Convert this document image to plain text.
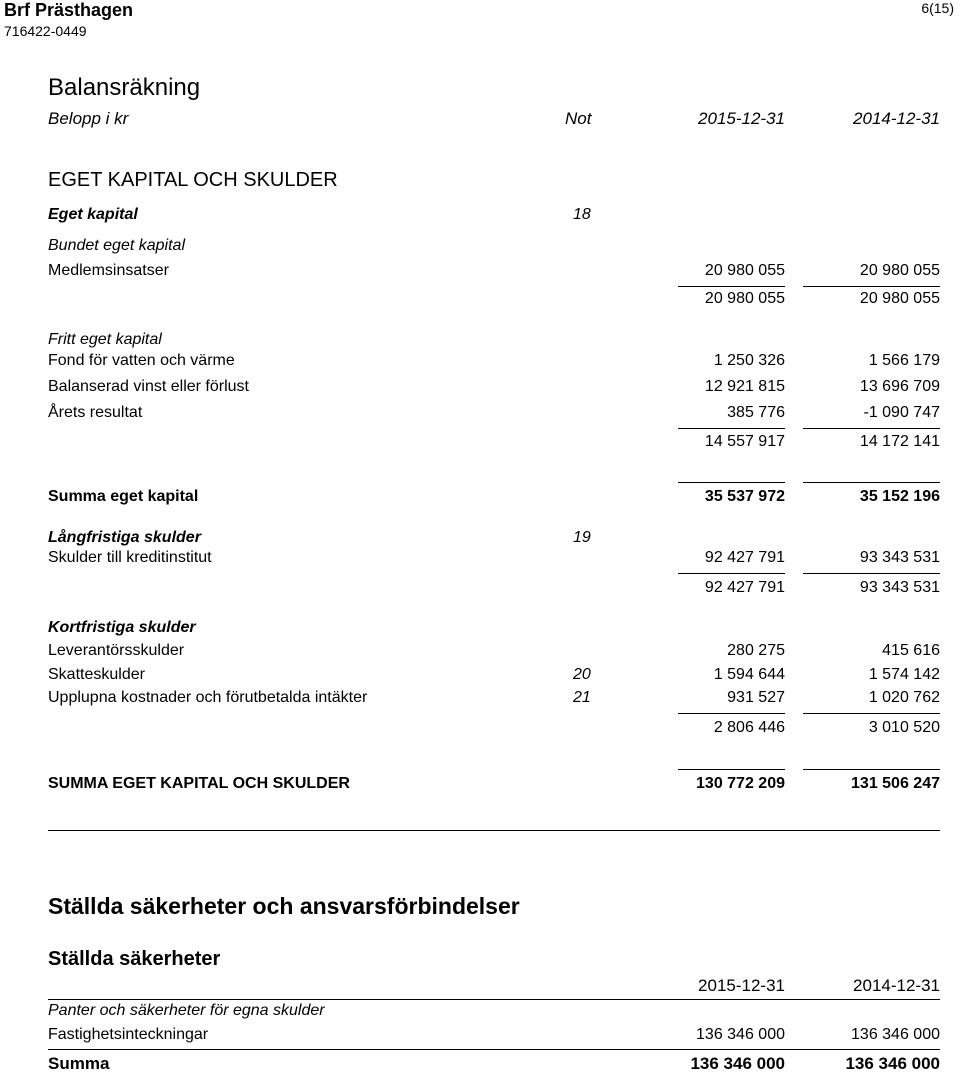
Brf Prästhagen
716422-0449
6(15)
Balansräkning
Belopp i kr	Not	2015-12-31	2014-12-31
EGET KAPITAL OCH SKULDER
Eget kapital	18
Bundet eget kapital
Medlemsinsatser	20 980 055	20 980 055
20 980 055	20 980 055
Fritt eget kapital
Fond för vatten och värme	1 250 326	1 566 179
Balanserad vinst eller förlust	12 921 815	13 696 709
Årets resultat	385 776	-1 090 747
14 557 917	14 172 141
Summa eget kapital	35 537 972	35 152 196
Långfristiga skulder	19
Skulder till kreditinstitut	92 427 791	93 343 531
92 427 791	93 343 531
Kortfristiga skulder
Leverantörsskulder	280 275	415 616
Skatteskulder	20	1 594 644	1 574 142
Upplupna kostnader och förutbetalda intäkter	21	931 527	1 020 762
2 806 446	3 010 520
SUMMA EGET KAPITAL OCH SKULDER	130 772 209	131 506 247
Ställda säkerheter och ansvarsförbindelser
Ställda säkerheter
2015-12-31	2014-12-31
Panter och säkerheter för egna skulder
Fastighetsinteckningar	136 346 000	136 346 000
Summa	136 346 000	136 346 000
